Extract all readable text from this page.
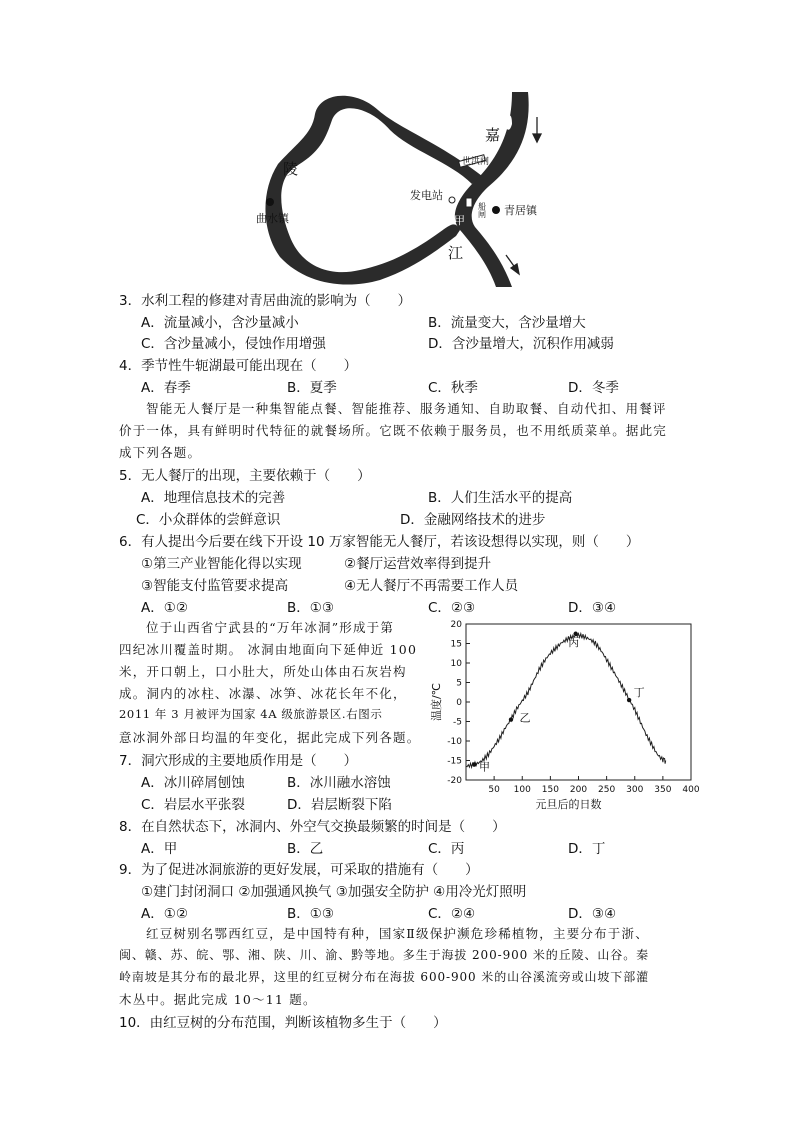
嘉
陵
江
世洪闸
发电站
船闸
甲
青居镇
曲水镇
3．水利工程的修建对青居曲流的影响为（　　）
A．流量减小，含沙量减小	B．流量变大，含沙量增大
C．含沙量减小，侵蚀作用增强	D．含沙量增大，沉积作用减弱
4．季节性牛轭湖最可能出现在（　　）
A．春季	B．夏季	C．秋季	D．冬季
智能无人餐厅是一种集智能点餐、智能推荐、服务通知、自助取餐、自动代扣、用餐评
价于一体，具有鲜明时代特征的就餐场所。它既不依赖于服务员，也不用纸质菜单。据此完
成下列各题。
5．无人餐厅的出现，主要依赖于（　　）
A．地理信息技术的完善	B．人们生活水平的提高
C．小众群体的尝鲜意识	D．金融网络技术的进步
6．有人提出今后要在线下开设 10 万家智能无人餐厅，若该设想得以实现，则（　　）
①第三产业智能化得以实现	②餐厅运营效率得到提升
③智能支付监管要求提高	④无人餐厅不再需要工作人员
A．①②	B．①③	C．②③	D．③④
位于山西省宁武县的“万年冰洞”形成于第
四纪冰川覆盖时期。 冰洞由地面向下延伸近 100
米，开口朝上，口小肚大，所处山体由石灰岩构
成。洞内的冰柱、冰瀑、冰笋、冰花长年不化，
2011 年 3 月被评为国家 4A 级旅游景区.右图示
意冰洞外部日均温的年变化，据此完成下列各题。
20
15
10
5
0
-5
-10
-15
-20
50 100 150 200 250 300 350 400
元旦后的日数
温度/℃
甲
乙
丙
丁
7．洞穴形成的主要地质作用是（　　）
A．冰川碎屑刨蚀	B．冰川融水溶蚀
C．岩层水平张裂	D．岩层断裂下陷
8．在自然状态下，冰洞内、外空气交换最频繁的时间是（　　）
A．甲	B．乙	C．丙	D．丁
9．为了促进冰洞旅游的更好发展，可采取的措施有（　　）
①建门封闭洞口 ②加强通风换气 ③加强安全防护 ④用冷光灯照明
A．①②	B．①③	C．②④	D．③④
红豆树别名鄂西红豆，是中国特有种，国家Ⅱ级保护濒危珍稀植物，主要分布于浙、
闽、赣、苏、皖、鄂、湘、陕、川、渝、黔等地。多生于海拔 200-900 米的丘陵、山谷。秦
岭南坡是其分布的最北界，这里的红豆树分布在海拔 600-900 米的山谷溪流旁或山坡下部灌
木丛中。据此完成 10～11 题。
10．由红豆树的分布范围，判断该植物多生于（　　）
